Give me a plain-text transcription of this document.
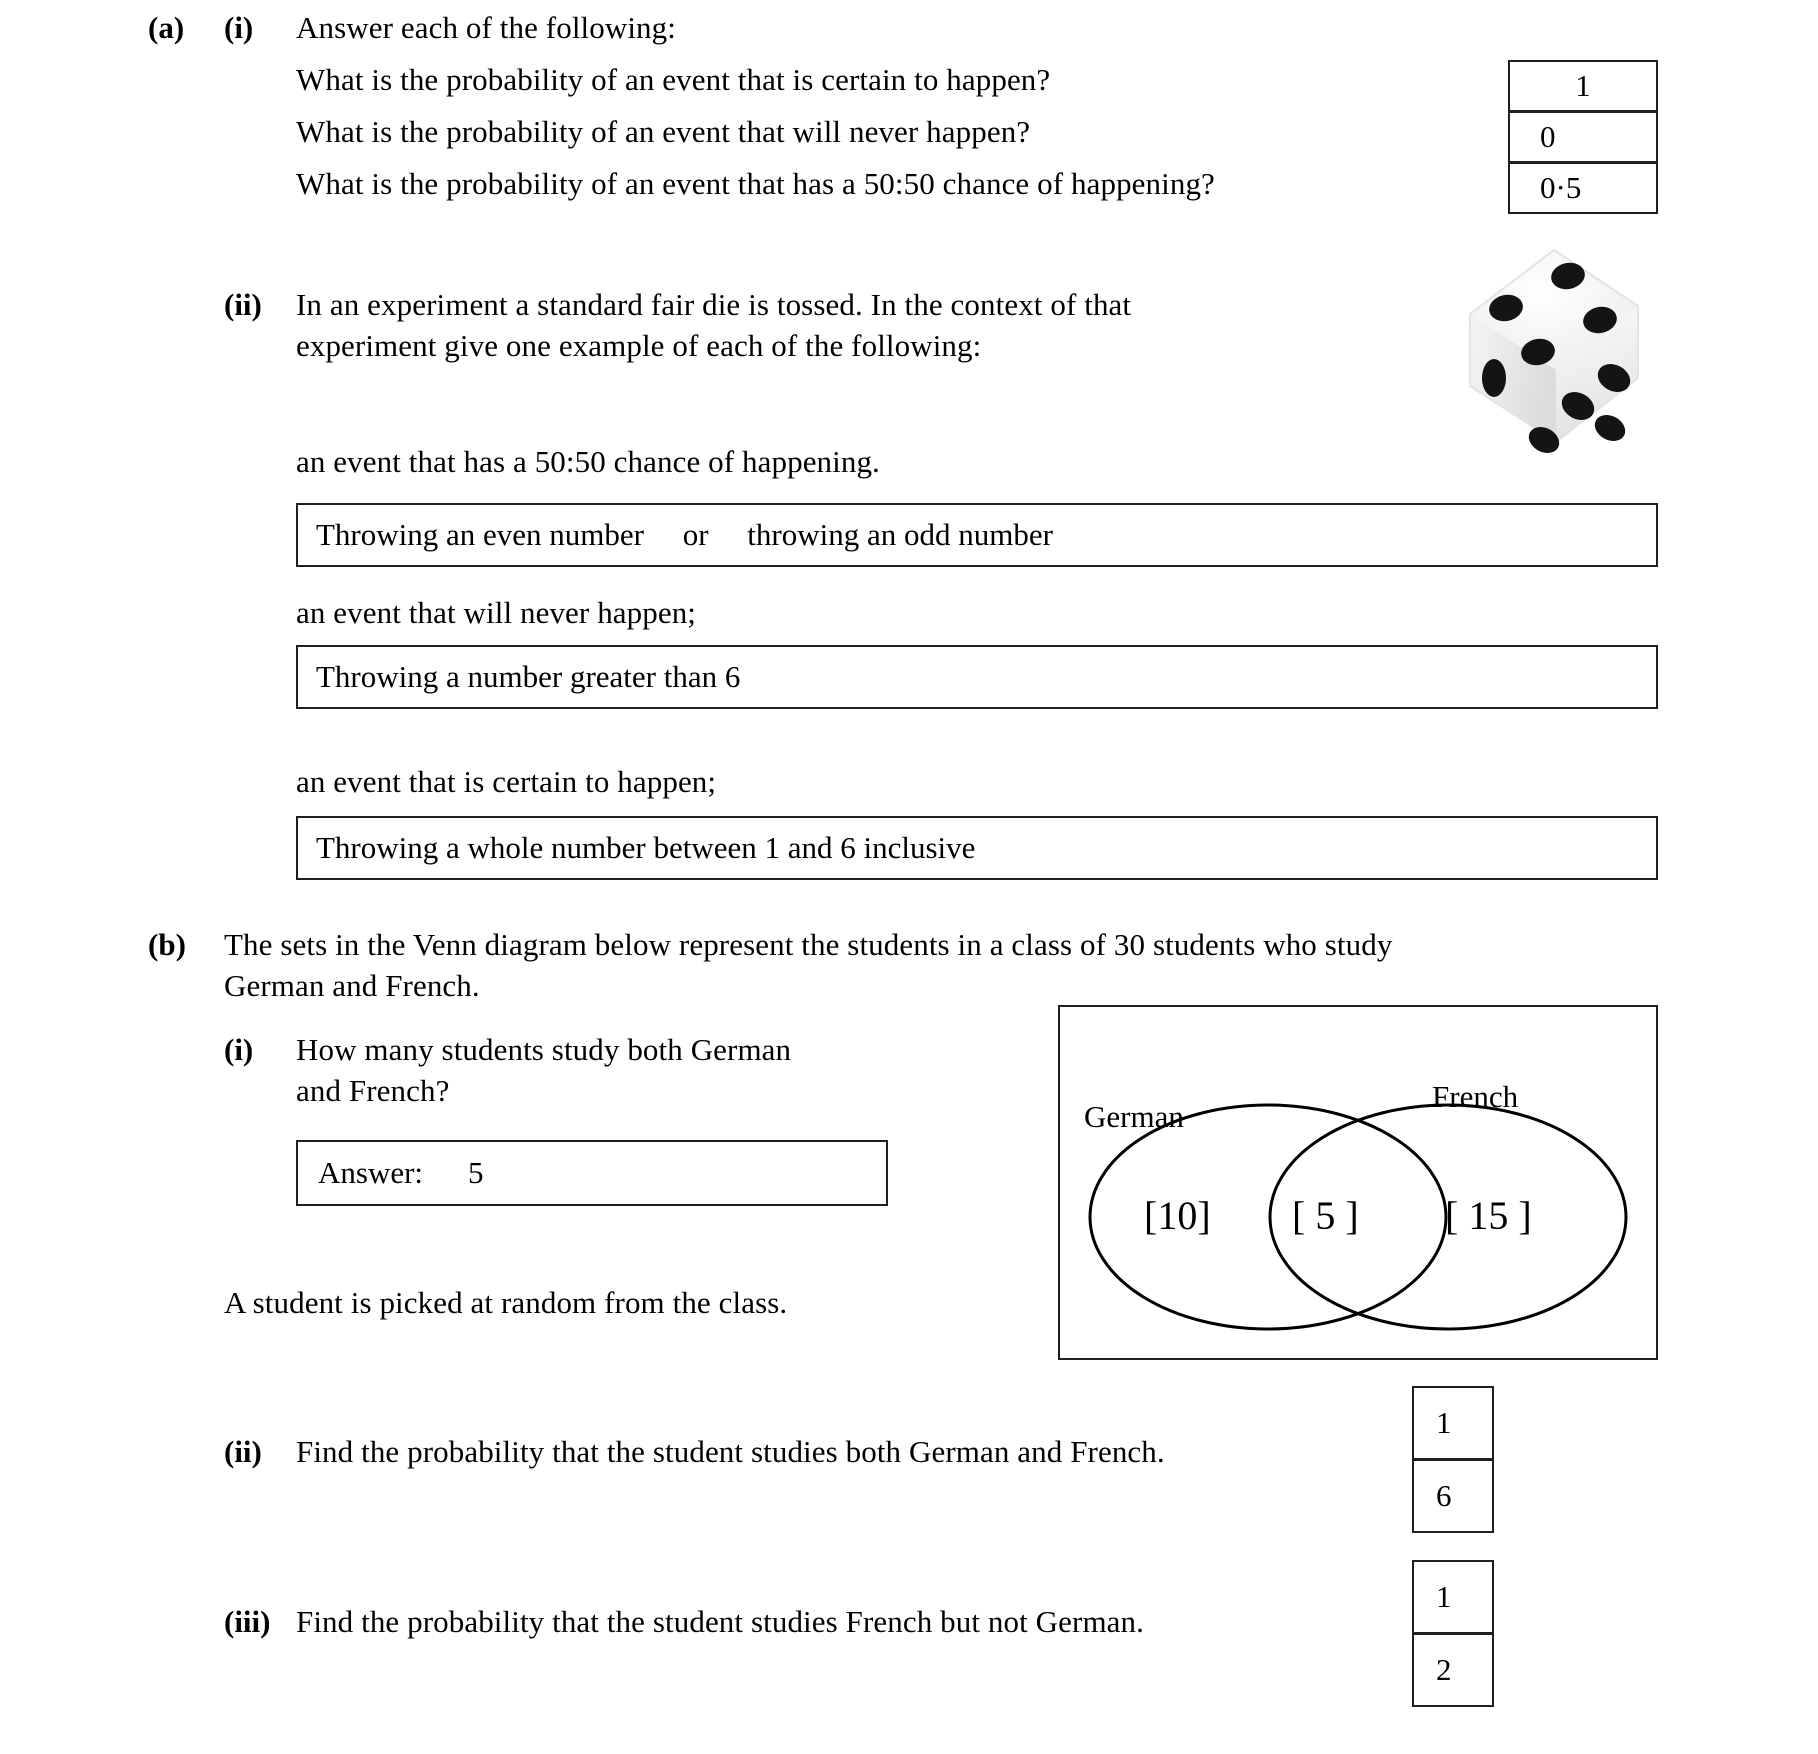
(a) (i) Answer each of the following:
What is the probability of an event that is certain to happen?
What is the probability of an event that will never happen?
What is the probability of an event that has a 50:50 chance of happening?
1
0
0·5
(ii) In an experiment a standard fair die is tossed. In the context of that
experiment give one example of each of the following:
an event that has a 50:50 chance of happening.
Throwing an even number     or     throwing an odd number
an event that will never happen;
Throwing a number greater than 6
an event that is certain to happen;
Throwing a whole number between 1 and 6 inclusive
(b) The sets in the Venn diagram below represent the students in a class of 30 students who study
German and French.
(i) How many students study both German
and French?
Answer: 5
A student is picked at random from the class.
German
French
[10] [ 5 ] [ 15 ]
(ii) Find the probability that the student studies both German and French.
1
6
(iii) Find the probability that the student studies French but not German.
1
2
